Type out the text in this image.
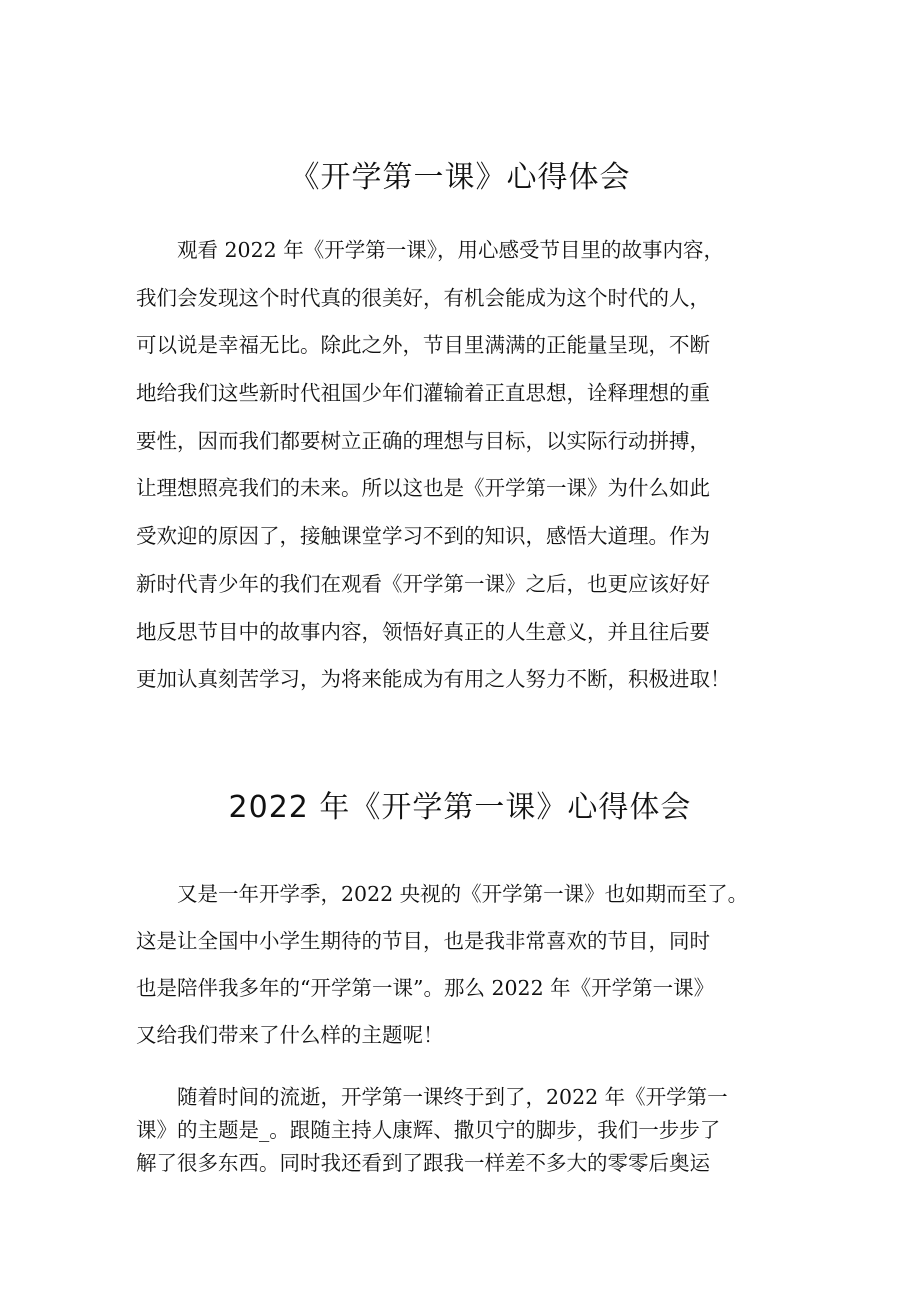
《开学第一课》心得体会
　　观看 2022 年《开学第一课》，用心感受节目里的故事内容，
我们会发现这个时代真的很美好，有机会能成为这个时代的人，
可以说是幸福无比。除此之外，节目里满满的正能量呈现，不断
地给我们这些新时代祖国少年们灌输着正直思想，诠释理想的重
要性，因而我们都要树立正确的理想与目标，以实际行动拼搏，
让理想照亮我们的未来。所以这也是《开学第一课》为什么如此
受欢迎的原因了，接触课堂学习不到的知识，感悟大道理。作为
新时代青少年的我们在观看《开学第一课》之后，也更应该好好
地反思节目中的故事内容，领悟好真正的人生意义，并且往后要
更加认真刻苦学习，为将来能成为有用之人努力不断，积极进取！
2022 年《开学第一课》心得体会
　　又是一年开学季，2022 央视的《开学第一课》也如期而至了。
这是让全国中小学生期待的节目，也是我非常喜欢的节目，同时
也是陪伴我多年的“开学第一课”。那么 2022 年《开学第一课》
又给我们带来了什么样的主题呢！
　　随着时间的流逝，开学第一课终于到了，2022 年《开学第一
课》的主题是_。跟随主持人康辉、撒贝宁的脚步，我们一步步了
解了很多东西。同时我还看到了跟我一样差不多大的零零后奥运
